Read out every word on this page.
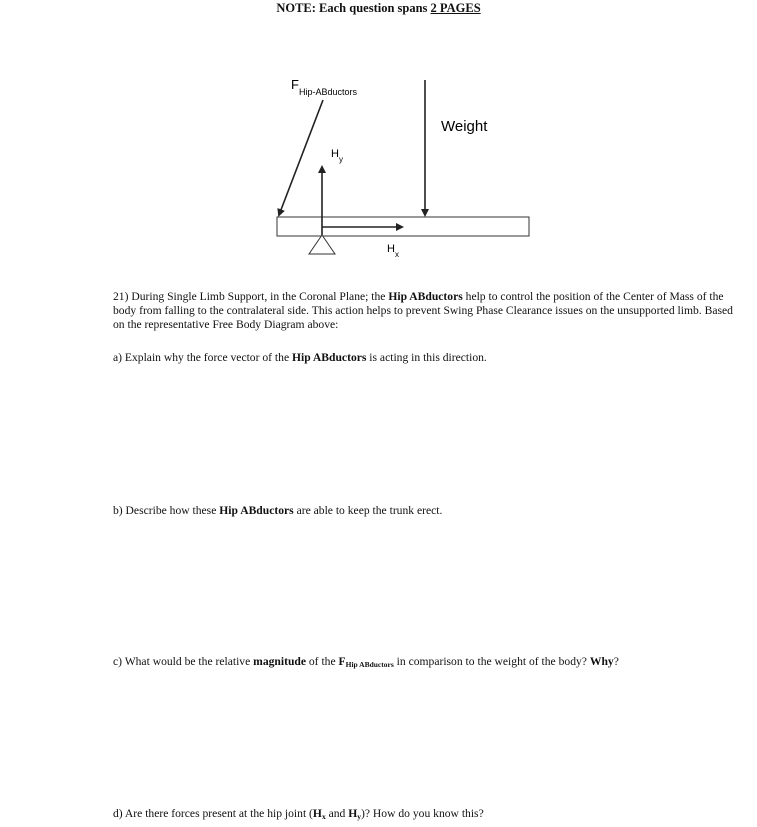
NOTE: Each question spans 2 PAGES
$F_{Hip-ABductors}$
Weight
$H_y$
$H_x$
21) During Single Limb Support, in the Coronal Plane; the Hip ABductors help to control the position of the Center of Mass of the body from falling to the contralateral side. This action helps to prevent Swing Phase Clearance issues on the unsupported limb. Based on the representative Free Body Diagram above:
a) Explain why the force vector of the Hip ABductors is acting in this direction.
b) Describe how these Hip ABductors are able to keep the trunk erect.
c) What would be the relative magnitude of the $F_{Hip ABductors}$ in comparison to the weight of the body? Why?
d) Are there forces present at the hip joint ($H_x$ and $H_y$)? How do you know this?
